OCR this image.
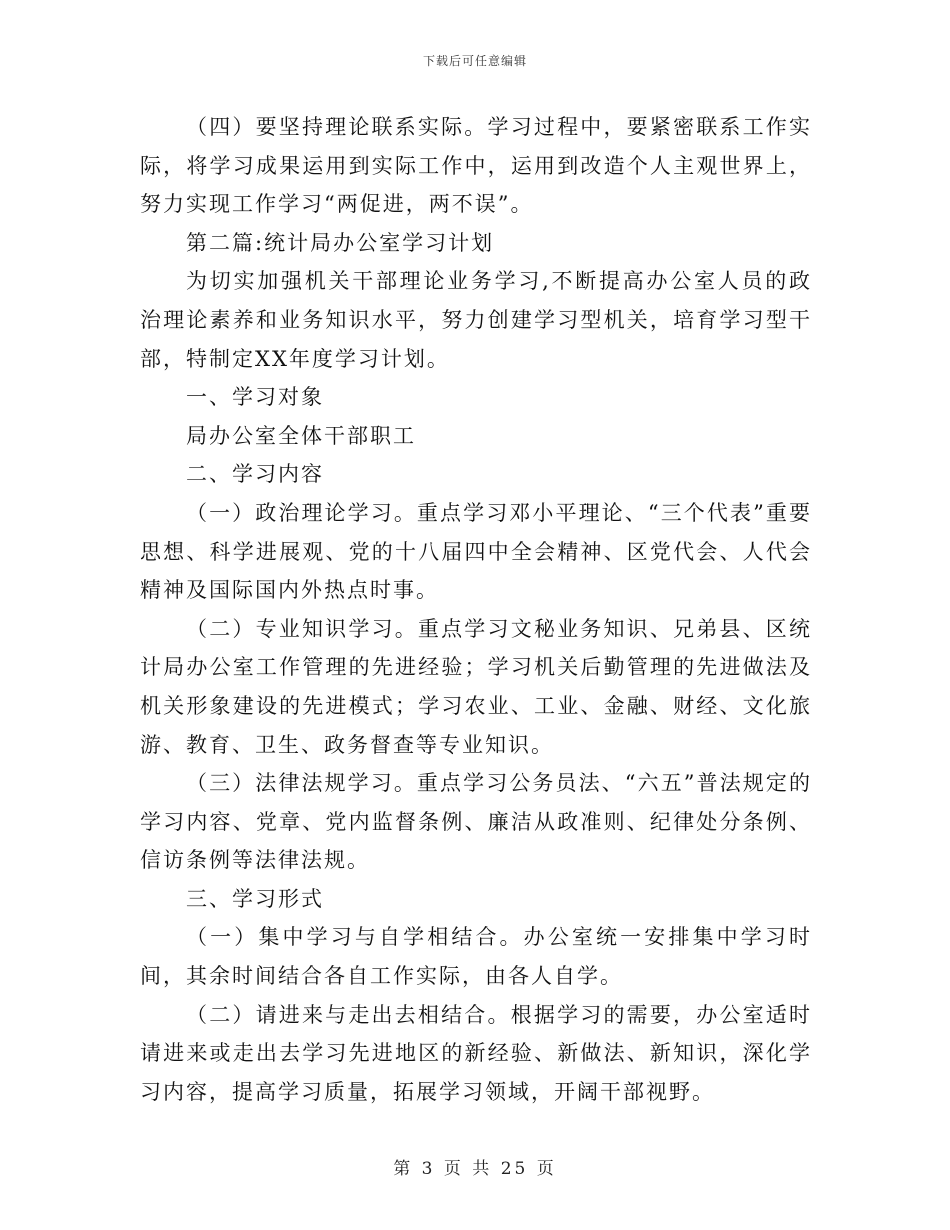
下载后可任意编辑

（四）要坚持理论联系实际。学习过程中，要紧密联系工作实际，将学习成果运用到实际工作中，运用到改造个人主观世界上，努力实现工作学习“两促进，两不误”。

第二篇:统计局办公室学习计划

为切实加强机关干部理论业务学习,不断提高办公室人员的政治理论素养和业务知识水平，努力创建学习型机关，培育学习型干部，特制定XX年度学习计划。

一、学习对象

局办公室全体干部职工

二、学习内容

（一）政治理论学习。重点学习邓小平理论、“三个代表”重要思想、科学进展观、党的十八届四中全会精神、区党代会、人代会精神及国际国内外热点时事。

（二）专业知识学习。重点学习文秘业务知识、兄弟县、区统计局办公室工作管理的先进经验；学习机关后勤管理的先进做法及机关形象建设的先进模式；学习农业、工业、金融、财经、文化旅游、教育、卫生、政务督查等专业知识。

（三）法律法规学习。重点学习公务员法、“六五”普法规定的学习内容、党章、党内监督条例、廉洁从政准则、纪律处分条例、信访条例等法律法规。

三、学习形式

（一）集中学习与自学相结合。办公室统一安排集中学习时间，其余时间结合各自工作实际，由各人自学。

（二）请进来与走出去相结合。根据学习的需要，办公室适时请进来或走出去学习先进地区的新经验、新做法、新知识，深化学习内容，提高学习质量，拓展学习领域，开阔干部视野。

第 3 页 共 25 页
